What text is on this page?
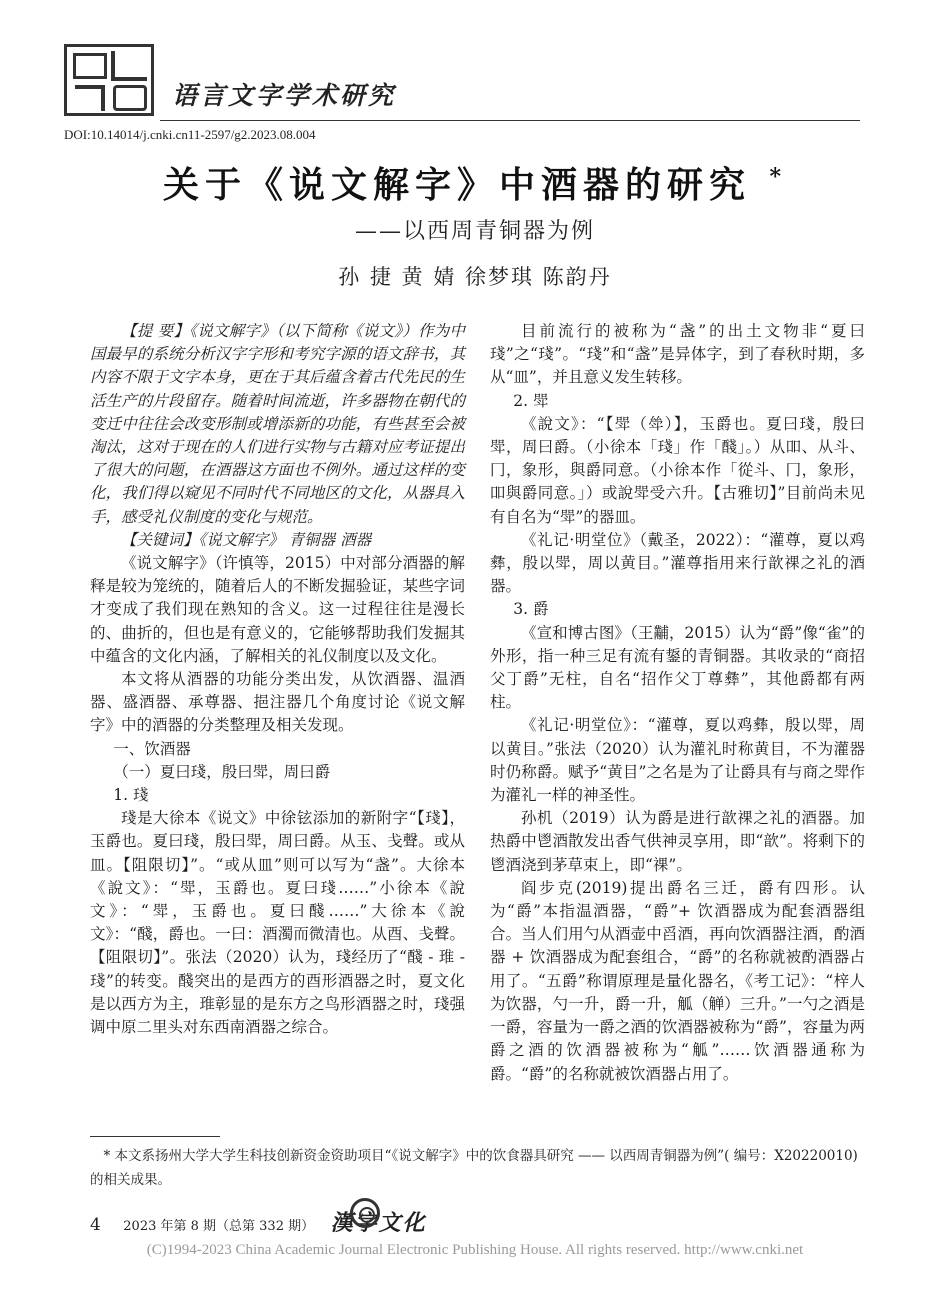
语言文字学术研究
DOI:10.14014/j.cnki.cn11-2597/g2.2023.08.004
关于《说文解字》中酒器的研究 *
——以西周青铜器为例
孙 捷 黄 婧 徐梦琪 陈韵丹

【提 要】《说文解字》（以下简称《说文》）作为中国最早的系统分析汉字字形和考究字源的语文辞书，其内容不限于文字本身，更在于其后蕴含着古代先民的生活生产的片段留存。随着时间流逝，许多器物在朝代的变迁中往往会改变形制或增添新的功能，有些甚至会被淘汰，这对于现在的人们进行实物与古籍对应考证提出了很大的问题，在酒器这方面也不例外。通过这样的变化，我们得以窥见不同时代不同地区的文化，从器具入手，感受礼仪制度的变化与规范。

【关键词】《说文解字》 青铜器 酒器

《说文解字》（许慎等，2015）中对部分酒器的解释是较为笼统的，随着后人的不断发掘验证，某些字词才变成了我们现在熟知的含义。这一过程往往是漫长的、曲折的，但也是有意义的，它能够帮助我们发掘其中蕴含的文化内涵，了解相关的礼仪制度以及文化。

本文将从酒器的功能分类出发，从饮酒器、温酒器、盛酒器、承尊器、挹注器几个角度讨论《说文解字》中的酒器的分类整理及相关发现。

一、饮酒器

（一）夏曰琖，殷曰斝，周曰爵

1. 琖

琖是大徐本《说文》中徐铉添加的新附字“【琖】，玉爵也。夏曰琖，殷曰斝，周曰爵。从玉、戋聲。或从皿。【阻限切】”。“或从皿”则可以写为“盏”。大徐本《說文》：“斝，玉爵也。夏曰琖……”小徐本《說文》：“斝，玉爵也。夏曰醆……”大徐本《說文》：“醆，爵也。一曰：酒濁而微清也。从酉、戋聲。【阻限切】”。张法（2020）认为，琖经历了“醆 - 琟 - 琖”的转变。醆突出的是西方的酉形酒器之时，夏文化是以西方为主，琟彰显的是东方之鸟形酒器之时，琖强调中原二里头对东西南酒器之综合。

目前流行的被称为“盏”的出土文物非“夏曰琖”之“琖”。“琖”和“盏”是异体字，到了春秋时期，多从“皿”，并且意义发生转移。

2. 斝

《說文》：“【斝（斚）】，玉爵也。夏曰琖，殷曰斝，周曰爵。（小徐本「琖」作「醆」。）从吅、从斗、冂，象形，與爵同意。（小徐本作「從斗、冂，象形，吅與爵同意。」）或說斝受六升。【古雅切】”目前尚未见有自名为“斝”的器皿。

《礼记·明堂位》（戴圣，2022）：“灌尊，夏以鸡彝，殷以斝，周以黄目。”灌尊指用来行歆祼之礼的酒器。

3. 爵

《宣和博古图》（王黼，2015）认为“爵”像“雀”的外形，指一种三足有流有鋬的青铜器。其收录的“商招父丁爵”无柱，自名“招作父丁尊彝”，其他爵都有两柱。

《礼记·明堂位》：“灌尊，夏以鸡彝，殷以斝，周以黄目。”张法（2020）认为灌礼时称黄目，不为灌器时仍称爵。赋予“黄目”之名是为了让爵具有与商之斝作为灌礼一样的神圣性。

孙机（2019）认为爵是进行歆祼之礼的酒器。加热爵中鬯酒散发出香气供神灵享用，即“歆”。将剩下的鬯酒浇到茅草束上，即“祼”。

阎步克(2019)提出爵名三迁，爵有四形。认为“爵”本指温酒器，“爵”+ 饮酒器成为配套酒器组合。当人们用勺从酒壶中舀酒，再向饮酒器注酒，酌酒器 + 饮酒器成为配套组合，“爵”的名称就被酌酒器占用了。“五爵”称谓原理是量化器名，《考工记》：“梓人为饮器，勺一升，爵一升，觚（觯）三升。”一勺之酒是一爵，容量为一爵之酒的饮酒器被称为“爵”，容量为两爵之酒的饮酒器被称为“觚”……饮酒器通称为爵。“爵”的名称就被饮酒器占用了。

* 本文系扬州大学大学生科技创新资金资助项目“《说文解字》中的饮食器具研究 —— 以西周青铜器为例”( 编号：X20220010) 的相关成果。
4 2023 年第 8 期（总第 332 期） 漢字文化
(C)1994-2023 China Academic Journal Electronic Publishing House. All rights reserved. http://www.cnki.net
